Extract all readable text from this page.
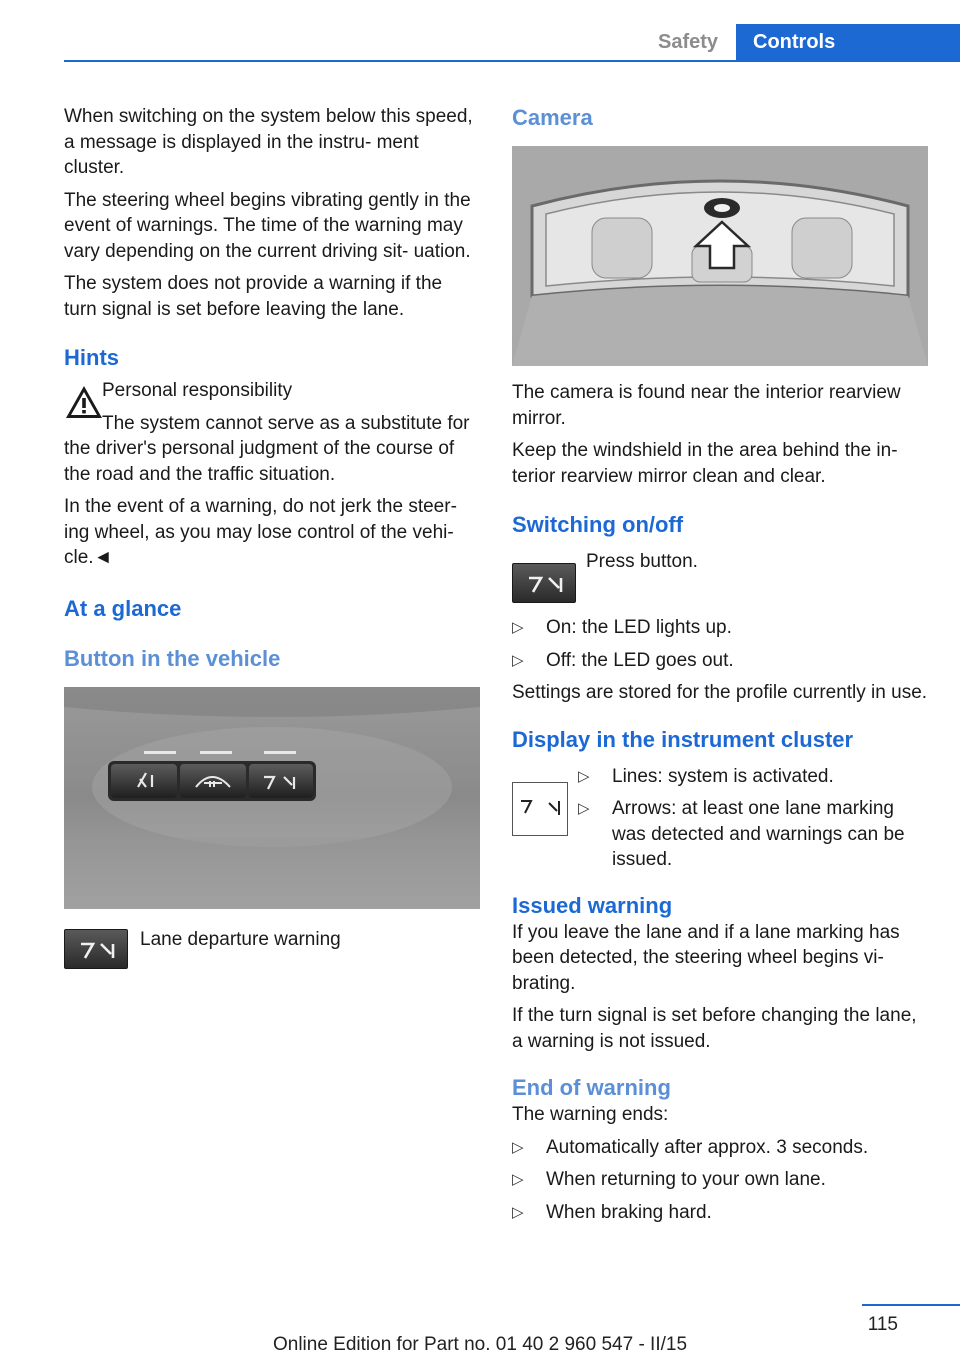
Safety	Controls

When switching on the system below this speed, a message is displayed in the instru‐ ment cluster.

The steering wheel begins vibrating gently in the event of warnings. The time of the warning may vary depending on the current driving sit‐ uation.

The system does not provide a warning if the turn signal is set before leaving the lane.

Hints

Personal responsibility

The system cannot serve as a substitute for the driver's personal judgment of the course of the road and the traffic situation.

In the event of a warning, do not jerk the steer‐ ing wheel, as you may lose control of the vehi‐ cle.◄

At a glance
Button in the vehicle

Lane departure warning

Camera

The camera is found near the interior rearview mirror.

Keep the windshield in the area behind the in‐ terior rearview mirror clean and clear.

Switching on/off

Press button.

▷ On: the LED lights up.
▷ Off: the LED goes out.

Settings are stored for the profile currently in use.

Display in the instrument cluster
▷ Lines: system is activated.
▷ Arrows: at least one lane marking was detected and warnings can be issued.
Issued warning

If you leave the lane and if a lane marking has been detected, the steering wheel begins vi‐ brating.

If the turn signal is set before changing the lane, a warning is not issued.

End of warning

The warning ends:

▷ Automatically after approx. 3 seconds.
▷ When returning to your own lane.
▷ When braking hard.
115
Online Edition for Part no. 01 40 2 960 547 - II/15
